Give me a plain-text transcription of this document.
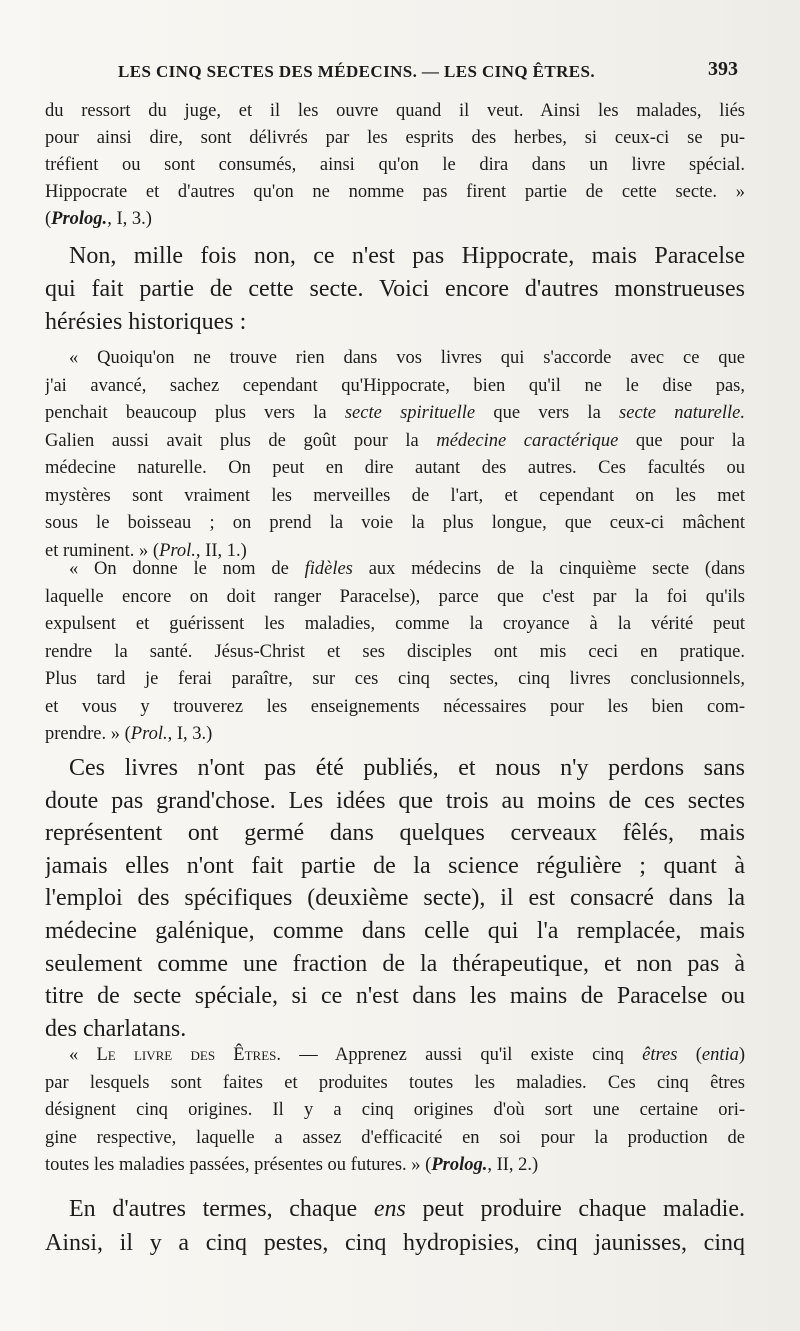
LES CINQ SECTES DES MÉDECINS. — LES CINQ ÊTRES.	393
du ressort du juge, et il les ouvre quand il veut. Ainsi les malades, liés
pour ainsi dire, sont délivrés par les esprits des herbes, si ceux-ci se pu-
tréfient ou sont consumés, ainsi qu'on le dira dans un livre spécial.
Hippocrate et d'autres qu'on ne nomme pas firent partie de cette secte. »
(Prolog., I, 3.)
Non, mille fois non, ce n'est pas Hippocrate, mais Paracelse
qui fait partie de cette secte. Voici encore d'autres monstrueuses
hérésies historiques :
« Quoiqu'on ne trouve rien dans vos livres qui s'accorde avec ce que
j'ai avancé, sachez cependant qu'Hippocrate, bien qu'il ne le dise pas,
penchait beaucoup plus vers la secte spirituelle que vers la secte naturelle.
Galien aussi avait plus de goût pour la médecine caractérique que pour la
médecine naturelle. On peut en dire autant des autres. Ces facultés ou
mystères sont vraiment les merveilles de l'art, et cependant on les met
sous le boisseau ; on prend la voie la plus longue, que ceux-ci mâchent
et ruminent. » (Prol., II, 1.)
« On donne le nom de fidèles aux médecins de la cinquième secte (dans
laquelle encore on doit ranger Paracelse), parce que c'est par la foi qu'ils
expulsent et guérissent les maladies, comme la croyance à la vérité peut
rendre la santé. Jésus-Christ et ses disciples ont mis ceci en pratique.
Plus tard je ferai paraître, sur ces cinq sectes, cinq livres conclusionnels,
et vous y trouverez les enseignements nécessaires pour les bien com-
prendre. » (Prol., I, 3.)
Ces livres n'ont pas été publiés, et nous n'y perdons sans
doute pas grand'chose. Les idées que trois au moins de ces sectes
représentent ont germé dans quelques cerveaux fêlés, mais
jamais elles n'ont fait partie de la science régulière ; quant à
l'emploi des spécifiques (deuxième secte), il est consacré dans la
médecine galénique, comme dans celle qui l'a remplacée, mais
seulement comme une fraction de la thérapeutique, et non pas à
titre de secte spéciale, si ce n'est dans les mains de Paracelse ou
des charlatans.
« Le livre des Êtres. — Apprenez aussi qu'il existe cinq êtres (entia)
par lesquels sont faites et produites toutes les maladies. Ces cinq êtres
désignent cinq origines. Il y a cinq origines d'où sort une certaine ori-
gine respective, laquelle a assez d'efficacité en soi pour la production de
toutes les maladies passées, présentes ou futures. » (Prolog., II, 2.)
En d'autres termes, chaque ens peut produire chaque maladie.
Ainsi, il y a cinq pestes, cinq hydropisies, cinq jaunisses, cinq
